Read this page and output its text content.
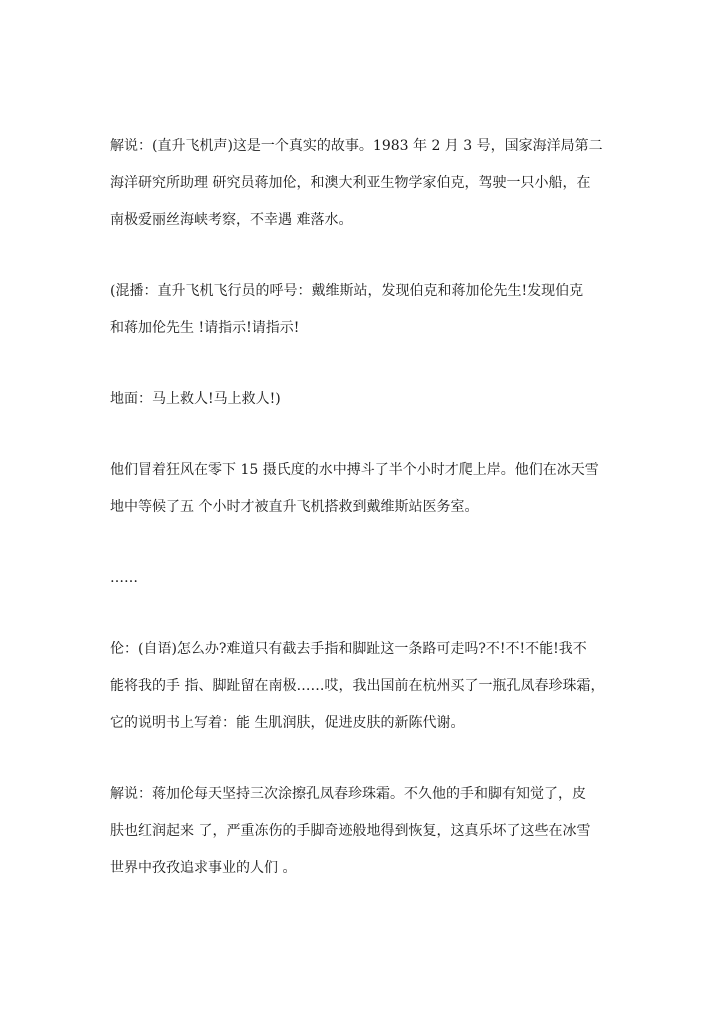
解说：(直升飞机声)这是一个真实的故事。1983 年 2 月 3 号，国家海洋局第二
海洋研究所助理 研究员蒋加伦，和澳大利亚生物学家伯克，驾驶一只小船，在
南极爱丽丝海峡考察，不幸遇 难落水。
(混播：直升飞机飞行员的呼号：戴维斯站，发现伯克和蒋加伦先生!发现伯克
和蒋加伦先生 !请指示!请指示!
地面：马上救人!马上救人!)
他们冒着狂风在零下 15 摄氏度的水中搏斗了半个小时才爬上岸。他们在冰天雪
地中等候了五 个小时才被直升飞机搭救到戴维斯站医务室。
……
伦：(自语)怎么办?难道只有截去手指和脚趾这一条路可走吗?不!不!不能!我不
能将我的手 指、脚趾留在南极……哎，我出国前在杭州买了一瓶孔凤春珍珠霜，
它的说明书上写着：能 生肌润肤，促进皮肤的新陈代谢。
解说：蒋加伦每天坚持三次涂擦孔凤春珍珠霜。不久他的手和脚有知觉了，皮
肤也红润起来 了，严重冻伤的手脚奇迹般地得到恢复，这真乐坏了这些在冰雪
世界中孜孜追求事业的人们 。
